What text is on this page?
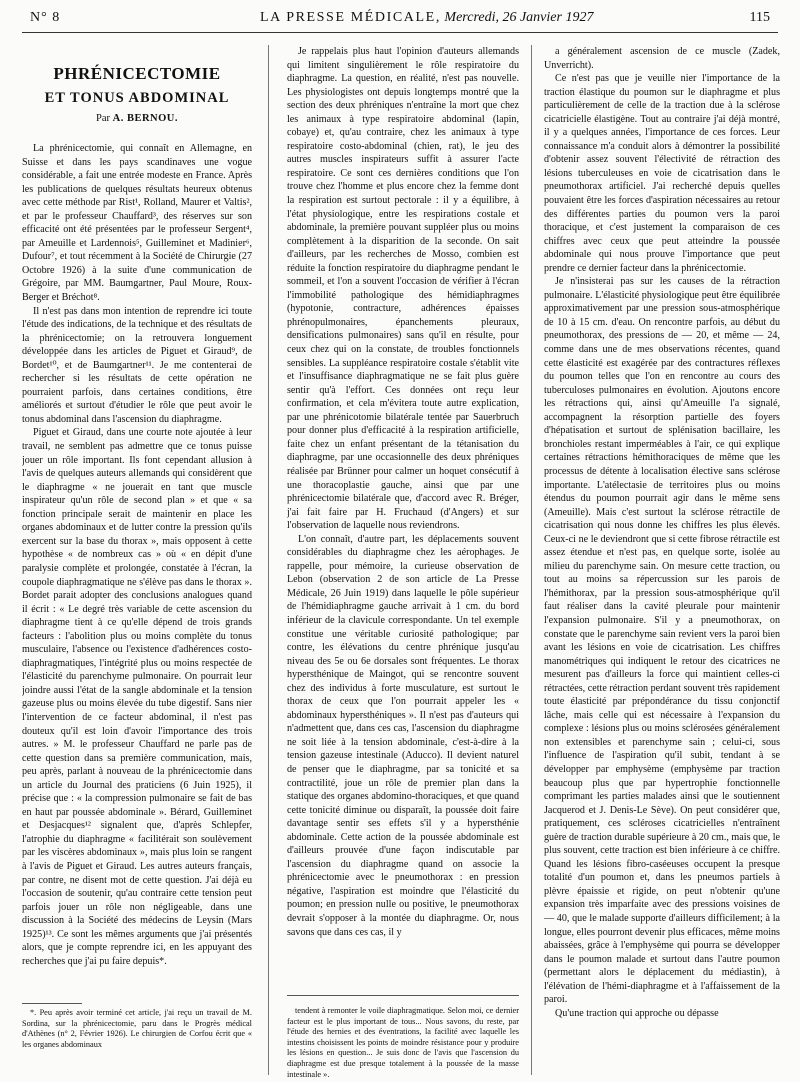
N° 8	LA PRESSE MÉDICALE, Mercredi, 26 Janvier 1927	115
PHRÉNICECTOMIE
ET TONUS ABDOMINAL
Par A. BERNOU.

La phrénicectomie, qui connaît en Allemagne, en Suisse et dans les pays scandinaves une vogue considérable, a fait une entrée modeste en France. Après les publications de quelques résultats heureux obtenus avec cette méthode par Rist¹, Rolland, Maurer et Valtis², et par le professeur Chauffard³, des réserves sur son efficacité ont été présentées par le professeur Sergent⁴, par Ameuille et Lardennois⁵, Guilleminet et Madinier⁶, Dufour⁷, et tout récemment à la Société de Chirurgie (27 Octobre 1926) à la suite d'une communication de Grégoire, par MM. Baumgartner, Paul Moure, Roux-Berger et Bréchot⁸.

Il n'est pas dans mon intention de reprendre ici toute l'étude des indications, de la technique et des résultats de la phrénicectomie; on la retrouvera longuement développée dans les articles de Piguet et Giraud⁹, de Bordet¹⁰, et de Baumgartner¹¹. Je me contenterai de rechercher si les résultats de cette opération ne pourraient parfois, dans certaines conditions, être améliorés et surtout d'étudier le rôle que peut avoir le tonus abdominal dans l'ascension du diaphragme.

Piguet et Giraud, dans une courte note ajoutée à leur travail, ne semblent pas admettre que ce tonus puisse jouer un rôle important. Ils font cependant allusion à l'avis de quelques auteurs allemands qui considèrent que le diaphragme « ne jouerait en tant que muscle inspirateur qu'un rôle de second plan » et que « sa fonction principale serait de maintenir en place les organes abdominaux et de lutter contre la pression qu'ils exercent sur la base du thorax », mais opposent à cette hypothèse « de nombreux cas » où « en dépit d'une paralysie complète et prolongée, constatée à l'écran, la coupole diaphragmatique ne s'élève pas dans le thorax ». Bordet parait adopter des conclusions analogues quand il écrit : « Le degré très variable de cette ascension du diaphragme tient à ce qu'elle dépend de trois grands facteurs : l'abolition plus ou moins complète du tonus musculaire, l'absence ou l'existence d'adhérences costo-diaphragmatiques, l'intégrité plus ou moins respectée de l'élasticité du parenchyme pulmonaire. On pourrait leur joindre aussi l'état de la sangle abdominale et la tension gazeuse plus ou moins élevée du tube digestif. Sans nier l'intervention de ce facteur abdominal, il n'est pas douteux qu'il est loin d'avoir l'importance des trois autres. » M. le professeur Chauffard ne parle pas de cette question dans sa première communication, mais, peu après, parlant à nouveau de la phrénicectomie dans un article du Journal des praticiens (6 Juin 1925), il précise que : « la compression pulmonaire se fait de bas en haut par poussée abdominale ». Bérard, Guilleminet et Desjacques¹² signalent que, d'après Schlepfer, l'atrophie du diaphragme « facilitérait son soulèvement par les viscères abdominaux », mais plus loin se rangent à l'avis de Piguet et Giraud. Les autres auteurs français, par contre, ne disent mot de cette question. J'ai déjà eu l'occasion de soutenir, qu'au contraire cette tension peut parfois jouer un rôle non négligeable, dans une discussion à la Société des médecins de Leysin (Mars 1925)¹³. Ce sont les mêmes arguments que j'ai présentés alors, que je compte reprendre ici, en les appuyant des recherches que j'ai pu faire depuis*.

Je rappelais plus haut l'opinion d'auteurs allemands qui limitent singulièrement le rôle respiratoire du diaphragme. La question, en réalité, n'est pas nouvelle. Les physiologistes ont depuis longtemps montré que la section des deux phréniques n'entraîne la mort que chez les animaux à type respiratoire abdominal (lapin, cobaye) et, qu'au contraire, chez les animaux à type respiratoire costo-abdominal (chien, rat), le jeu des autres muscles inspirateurs suffit à assurer l'acte respiratoire. Ce sont ces dernières conditions que l'on trouve chez l'homme et plus encore chez la femme dont la respiration est surtout pectorale : il y a équilibre, à l'état physiologique, entre les respirations costale et abdominale, la première pouvant suppléer plus ou moins complètement à la disparition de la seconde. On sait d'ailleurs, par les recherches de Mosso, combien est réduite la fonction respiratoire du diaphragme pendant le sommeil, et l'on a souvent l'occasion de vérifier à l'écran l'immobilité pathologique des hémidiaphragmes (hypotonie, contracture, adhérences épaisses phrénopulmonaires, épanchements pleuraux, densifications pulmonaires) sans qu'il en résulte, pour ceux chez qui on la constate, de troubles fonctionnels sensibles. La suppléance respiratoire costale s'établit vite et l'insuffisance diaphragmatique ne se fait plus guère sentir qu'à l'effort. Ces données ont reçu leur confirmation, et cela m'évitera toute autre explication, par une phrénicotomie bilatérale tentée par Sauerbruch pour donner plus d'efficacité à la respiration artificielle, faite chez un enfant présentant de la tétanisation du diaphragme, par une occasionnelle des deux phréniques réalisée par Brünner pour calmer un hoquet consécutif à une thoracoplastie gauche, ainsi que par une phrénicectomie bilatérale que, d'accord avec R. Bréger, j'ai fait faire par H. Fruchaud (d'Angers) et sur l'observation de laquelle nous reviendrons.

L'on connaît, d'autre part, les déplacements souvent considérables du diaphragme chez les aérophages. Je rappelle, pour mémoire, la curieuse observation de Lebon (observation 2 de son article de La Presse Médicale, 26 Juin 1919) dans laquelle le pôle supérieur de l'hémidiaphragme gauche arrivait à 1 cm. du bord inférieur de la clavicule correspondante. Un tel exemple constitue une véritable curiosité pathologique; par contre, les élévations du centre phrénique jusqu'au niveau des 5e ou 6e dorsales sont fréquentes. Le thorax hypersthénique de Maingot, qui se rencontre souvent chez des individus à forte musculature, est surtout le thorax de ceux que l'on pourrait appeler les « abdominaux hypersthéniques ». Il n'est pas d'auteurs qui n'admettent que, dans ces cas, l'ascension du diaphragme ne soit liée à la tension abdominale, c'est-à-dire à la tension gazeuse intestinale (Aducco). Il devient naturel de penser que le diaphragme, par sa tonicité et sa contractilité, joue un rôle de premier plan dans la statique des organes abdomino-thoraciques, et que quand cette tonicité diminue ou disparaît, la poussée doit faire davantage sentir ses effets s'il y a hypersthénie abdominale. Cette action de la poussée abdominale est d'ailleurs prouvée d'une façon indiscutable par l'ascension du diaphragme quand on associe la phrénicectomie avec le pneumothorax : en pression négative, l'aspiration est moindre que l'élasticité du poumon; en pression nulle ou positive, le pneumothorax devrait s'opposer à la montée du diaphragme. Or, nous savons que dans ces cas, il y

a généralement ascension de ce muscle (Zadek, Unverricht).

Ce n'est pas que je veuille nier l'importance de la traction élastique du poumon sur le diaphragme et plus particulièrement de celle de la traction due à la sclérose cicatricielle élastigène. Tout au contraire j'ai déjà montré, il y a quelques années, l'importance de ces forces. Leur connaissance m'a conduit alors à démontrer la possibilité d'obtenir assez souvent l'électivité de rétraction des lésions tuberculeuses en voie de cicatrisation dans le pneumothorax artificiel. J'ai recherché depuis quelles pouvaient être les forces d'aspiration nécessaires au retour des différentes parties du poumon vers la paroi thoracique, et c'est justement la comparaison de ces chiffres avec ceux que peut atteindre la poussée abdominale qui nous prouve l'importance que peut prendre ce dernier facteur dans la phrénicectomie.

Je n'insisterai pas sur les causes de la rétraction pulmonaire. L'élasticité physiologique peut être équilibrée approximativement par une pression sous-atmosphérique de 10 à 15 cm. d'eau. On rencontre parfois, au début du pneumothorax, des pressions de — 20, et même — 24, comme dans une de mes observations récentes, quand cette élasticité est exagérée par des contractures réflexes du poumon telles que l'on en rencontre au cours des tuberculoses pulmonaires en évolution. Ajoutons encore les rétractions qui, ainsi qu'Ameuille l'a signalé, accompagnent la résorption partielle des foyers d'hépatisation et surtout de splénisation bacillaire, les bronchioles restant imperméables à l'air, ce qui explique certaines rétractions hémithoraciques de même que les processus de détente à localisation élective sans sclérose importante. L'atélectasie de territoires plus ou moins étendus du poumon pourrait agir dans le même sens (Ameuille). Mais c'est surtout la sclérose rétractile de cicatrisation qui nous donne les chiffres les plus élevés. Ceux-ci ne le deviendront que si cette fibrose rétractile est assez étendue et n'est pas, en quelque sorte, isolée au milieu du parenchyme sain. On mesure cette traction, ou tout au moins sa répercussion sur les parois de l'hémithorax, par la pression sous-atmosphérique qu'il faut réaliser dans la cavité pleurale pour maintenir l'expansion pulmonaire. S'il y a pneumothorax, on constate que le parenchyme sain revient vers la paroi bien avant les lésions en voie de cicatrisation. Les chiffres manométriques qui indiquent le retour des cicatrices ne mesurent pas d'ailleurs la force qui maintient celles-ci rétractées, cette rétraction perdant souvent très rapidement toute élasticité par prépondérance du tissu conjonctif lâche, mais celle qui est nécessaire à l'expansion du complexe : lésions plus ou moins sclérosées généralement non extensibles et parenchyme sain ; celui-ci, sous l'influence de l'aspiration qu'il subit, tendant à se développer par emphysème (emphysème par traction beaucoup plus que par hypertrophie fonctionnelle comprimant les parties malades ainsi que le soutiennent Jacquerod et J. Denis-Le Sève). On peut considérer que, pratiquement, ces scléroses cicatricielles n'entraînent guère de traction durable supérieure à 20 cm., mais que, le plus souvent, cette traction est bien inférieure à ce chiffre. Quand les lésions fibro-caséeuses occupent la presque totalité d'un poumon et, dans les pneumos partiels à plèvre épaissie et rigide, on peut n'obtenir qu'une expansion très imparfaite avec des pressions voisines de — 40, que le malade supporte d'ailleurs difficilement; à la longue, elles pourront devenir plus efficaces, même moins abaissées, grâce à l'emphysème qui pourra se développer dans le poumon malade et surtout dans l'autre poumon (permettant alors le déplacement du médiastin), à l'élévation de l'hémi-diaphragme et à l'affaissement de la paroi.

Qu'une traction qui approche ou dépasse

*. Peu après avoir terminé cet article, j'ai reçu un travail de M. Sordina, sur la phrénicectomie, paru dans le Progrès médical d'Athènes (n° 2, Février 1926). Le chirurgien de Corfou écrit que « les organes abdominaux

tendent à remonter le voile diaphragmatique. Selon moi, ce dernier facteur est le plus important de tous... Nous savons, du reste, par l'étude des hernies et des éventrations, la facilité avec laquelle les intestins choisissent les points de moindre résistance pour y produire les lésions en question... Je suis donc de l'avis que l'ascension du diaphragme est due presque totalement à la poussée de la masse intestinale ».
